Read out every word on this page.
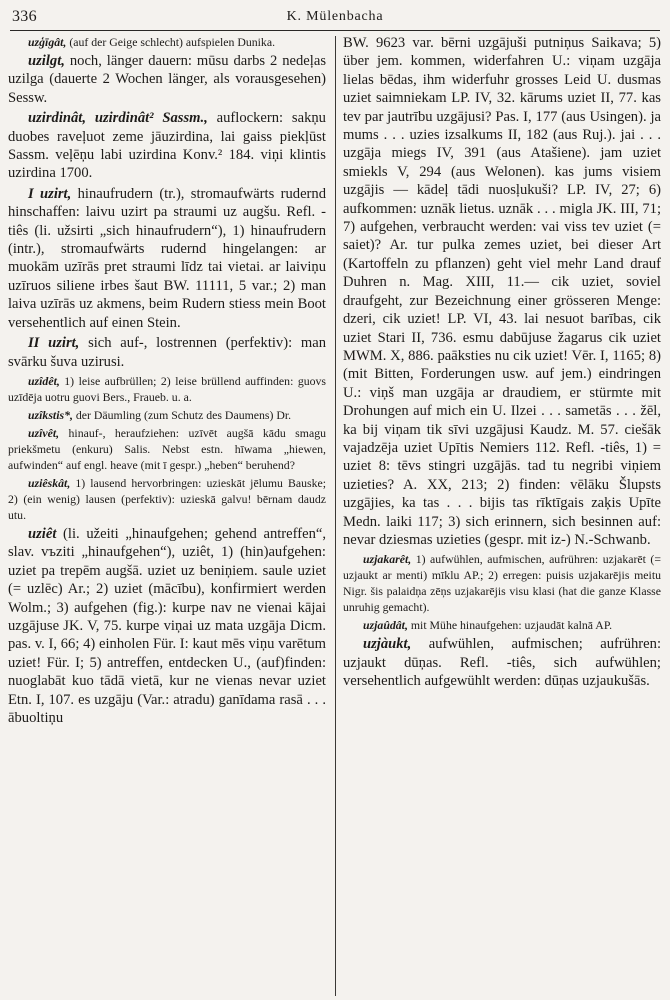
336	K. Mülenbacha

uzģīgât, (auf der Geige schlecht) aufspielen Dunika.

uzilgt, noch, länger dauern: mūsu darbs 2 nedeļas uzilga (dauerte 2 Wochen länger, als vorausgesehen) Sessw.

uzirdinât, uzirdinât² Sassm., auflockern: sakņu duobes raveļuot zeme jāuzirdina, lai gaiss piekļūst Sassm. veļēņu labi uzirdina Konv.² 184. viņi klintis uzirdina 1700.

I uzirt, hinaufrudern (tr.), stromaufwärts rudernd hinschaffen: laivu uzirt pa straumi uz augšu. Refl. -tiês (li. užsirti „sich hinaufrudern“), 1) hinaufrudern (intr.), stromaufwärts rudernd hingelangen: ar muokām uzīrās pret straumi līdz tai vietai. ar laiviņu uzīruos siliene irbes šaut BW. 11111, 5 var.; 2) man laiva uzīrās uz akmens, beim Rudern stiess mein Boot versehentlich auf einen Stein.

II uzirt, sich auf-, lostrennen (perfektiv): man svārku šuva uzirusi.

uzîdêt, 1) leise aufbrüllen; 2) leise brüllend auffinden: guovs uzīdēja uotru guovi Bers., Fraueb. u. a.

uzîkstis*, der Däumling (zum Schutz des Daumens) Dr.

uzîvêt, hinauf-, heraufziehen: uzīvēt augšā kādu smagu priekšmetu (enkuru) Salis. Nebst estn. hīwama „hiewen, aufwinden“ auf engl. heave (mit ī gespr.) „heben“ beruhend?

uziêskât, 1) lausend hervorbringen: uzieskāt jēlumu Bauske; 2) (ein wenig) lausen (perfektiv): uzieskā galvu! bērnam daudz utu.

uziêt (li. užeiti „hinaufgehen; gehend antreffen“, slav. vъziti „hinaufgehen“), uziêt, 1) (hin)aufgehen: uziet pa trepēm augšā. uziet uz beniņiem. saule uziet (= uzlēc) Ar.; 2) uziet (mācību), konfirmiert werden Wolm.; 3) aufgehen (fig.): kurpe nav ne vienai kājai uzgājuse JK. V, 75. kurpe viņai uz mata uzgāja Dicm. pas. v. I, 66; 4) einholen Für. I: kaut mēs viņu varētum uziet! Für. I; 5) antreffen, entdecken U., (auf)finden: nuoglabāt kuo tādā vietā, kur ne vienas nevar uziet Etn. I, 107. es uzgāju (Var.: atradu) ganīdama rasā . . . ābuoltiņu

BW. 9623 var. bērni uzgājuši putniņus Saikava; 5) über jem. kommen, widerfahren U.: viņam uzgāja lielas bēdas, ihm widerfuhr grosses Leid U. dusmas uziet saimniekam LP. IV, 32. kārums uziet II, 77. kas tev par jautrību uzgājusi? Pas. I, 177 (aus Usingen). ja mums . . . uzies izsalkums II, 182 (aus Ruj.). jai . . . uzgāja miegs IV, 391 (aus Atašiene). jam uziet smiekls V, 294 (aus Welonen). kas jums visiem uzgājis — kādeļ tādi nuosļukuši? LP. IV, 27; 6) aufkommen: uznāk lietus. uznāk . . . migla JK. III, 71; 7) aufgehen, verbraucht werden: vai viss tev uziet (= saiet)? Ar. tur pulka zemes uziet, bei dieser Art (Kartoffeln zu pflanzen) geht viel mehr Land drauf Duhren n. Mag. XIII, 11.— cik uziet, soviel draufgeht, zur Bezeichnung einer grösseren Menge: dzeri, cik uziet! LP. VI, 43. lai nesuot barības, cik uziet Stari II, 736. esmu dabūjuse žagarus cik uziet MWM. X, 886. paāksties nu cik uziet! Vēr. I, 1165; 8) (mit Bitten, Forderungen usw. auf jem.) eindringen U.: viņš man uzgāja ar draudiem, er stürmte mit Drohungen auf mich ein U. Ilzei . . . sametās . . . žēl, ka bij viņam tik sīvi uzgājusi Kaudz. M. 57. ciešāk vajadzēja uziet Upītis Nemiers 112. Refl. -tiês, 1) = uziet 8: tēvs stingri uzgājās. tad tu negribi viņiem uzieties? A. XX, 213; 2) finden: vēlāku Šlupsts uzgājies, ka tas . . . bijis tas rīktīgais zaķis Upīte Medn. laiki 117; 3) sich erinnern, sich besinnen auf: nevar dziesmas uzieties (gespr. mit iz-) N.-Schwanb.

uzjakarêt, 1) aufwühlen, aufmischen, aufrühren: uzjakarēt (= uzjaukt ar menti) mīklu AP.; 2) erregen: puisis uzjakarējis meitu Nigr. šis palaidņa zēņs uzjakarējis visu klasi (hat die ganze Klasse unruhig gemacht).

uzjaûdât, mit Mühe hinaufgehen: uzjaudāt kalnā AP.

uzjàukt, aufwühlen, aufmischen; aufrühren: uzjaukt dūņas. Refl. -tiês, sich aufwühlen; versehentlich aufgewühlt werden: dūņas uzjaukušās.
